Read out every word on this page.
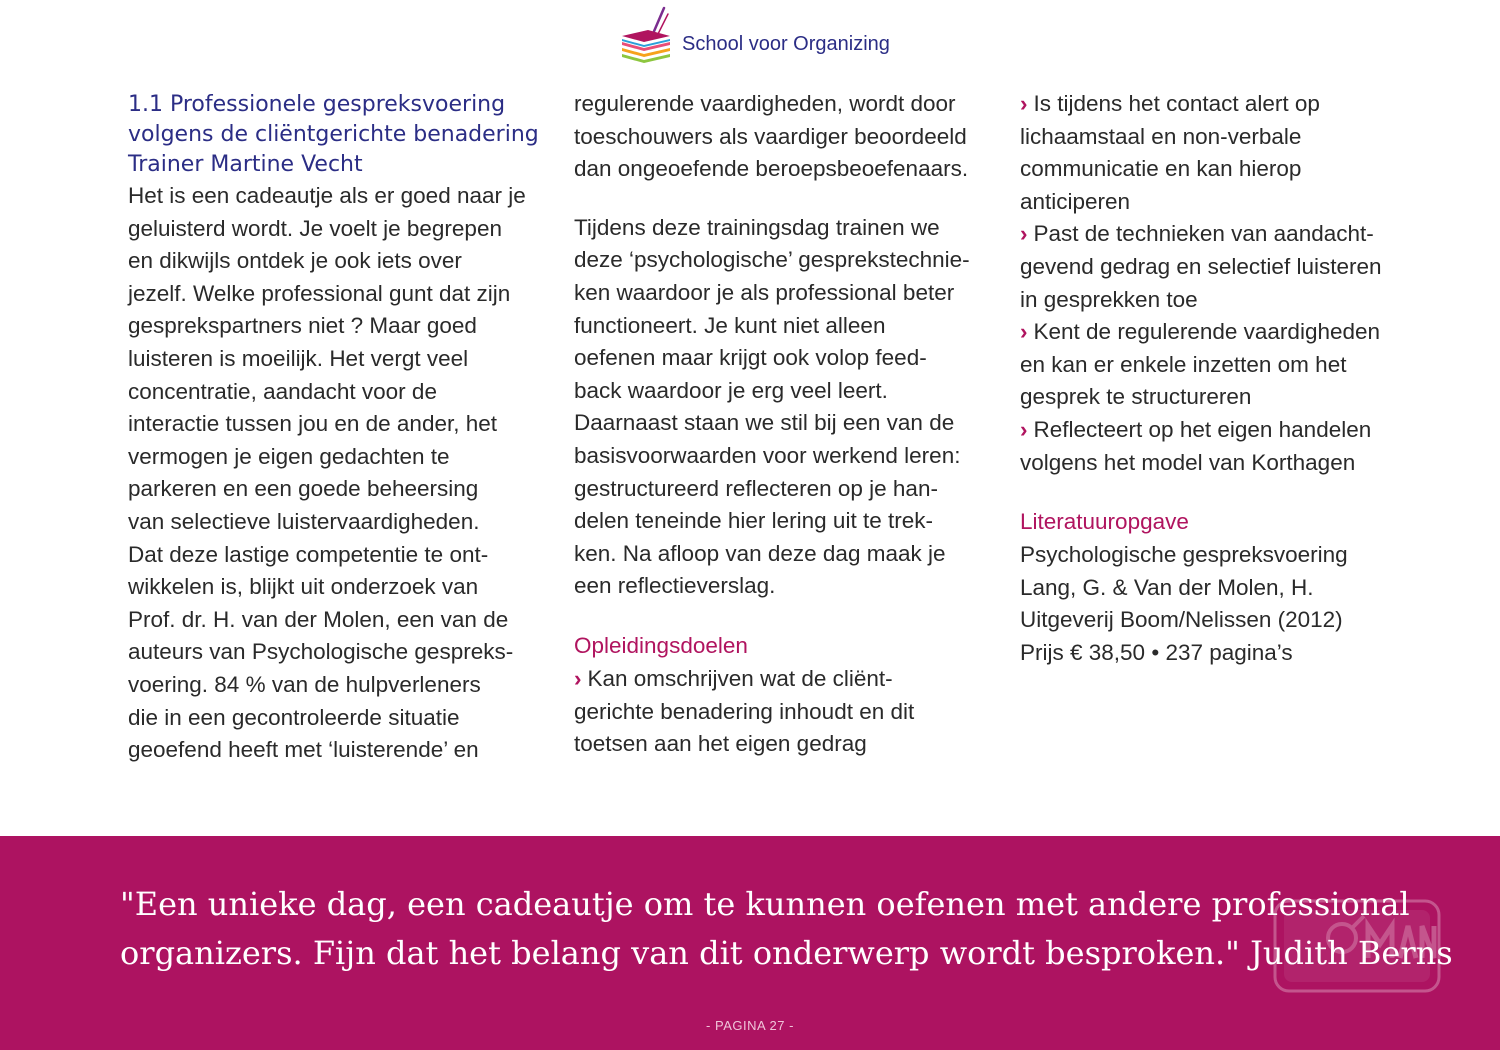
School voor Organizing
1.1 Professionele gespreksvoering
volgens de cliëntgerichte benadering
Trainer Martine Vecht
Het is een cadeautje als er goed naar je
geluisterd wordt. Je voelt je begrepen
en dikwijls ontdek je ook iets over
jezelf. Welke professional gunt dat zijn
gesprekspartners niet ? Maar goed
luisteren is moeilijk. Het vergt veel
concentratie, aandacht voor de
interactie tussen jou en de ander, het
vermogen je eigen gedachten te
parkeren en een goede beheersing
van selectieve luistervaardigheden.
Dat deze lastige competentie te ont-
wikkelen is, blijkt uit onderzoek van
Prof. dr. H. van der Molen, een van de
auteurs van Psychologische gespreks-
voering. 84 % van de hulpverleners
die in een gecontroleerde situatie
geoefend heeft met ‘luisterende’ en
regulerende vaardigheden, wordt door
toeschouwers als vaardiger beoordeeld
dan ongeoefende beroepsbeoefenaars.
Tijdens deze trainingsdag trainen we
deze ‘psychologische’ gesprekstechnie-
ken waardoor je als professional beter
functioneert. Je kunt niet alleen
oefenen maar krijgt ook volop feed-
back waardoor je erg veel leert.
Daarnaast staan we stil bij een van de
basisvoorwaarden voor werkend leren:
gestructureerd reflecteren op je han-
delen teneinde hier lering uit te trek-
ken. Na afloop van deze dag maak je
een reflectieverslag.
Opleidingsdoelen
› Kan omschrijven wat de cliënt-
gerichte benadering inhoudt en dit
toetsen aan het eigen gedrag
› Is tijdens het contact alert op
lichaamstaal en non-verbale
communicatie en kan hierop
anticiperen
› Past de technieken van aandacht-
gevend gedrag en selectief luisteren
in gesprekken toe
› Kent de regulerende vaardigheden
en kan er enkele inzetten om het
gesprek te structureren
› Reflecteert op het eigen handelen
volgens het model van Korthagen
Literatuuropgave
Psychologische gespreksvoering
Lang, G. & Van der Molen, H.
Uitgeverij Boom/Nelissen (2012)
Prijs € 38,50 • 237 pagina’s
"Een unieke dag, een cadeautje om te kunnen oefenen met andere professional
organizers. Fijn dat het belang van dit onderwerp wordt besproken." Judith Berns
- PAGINA 27 -
